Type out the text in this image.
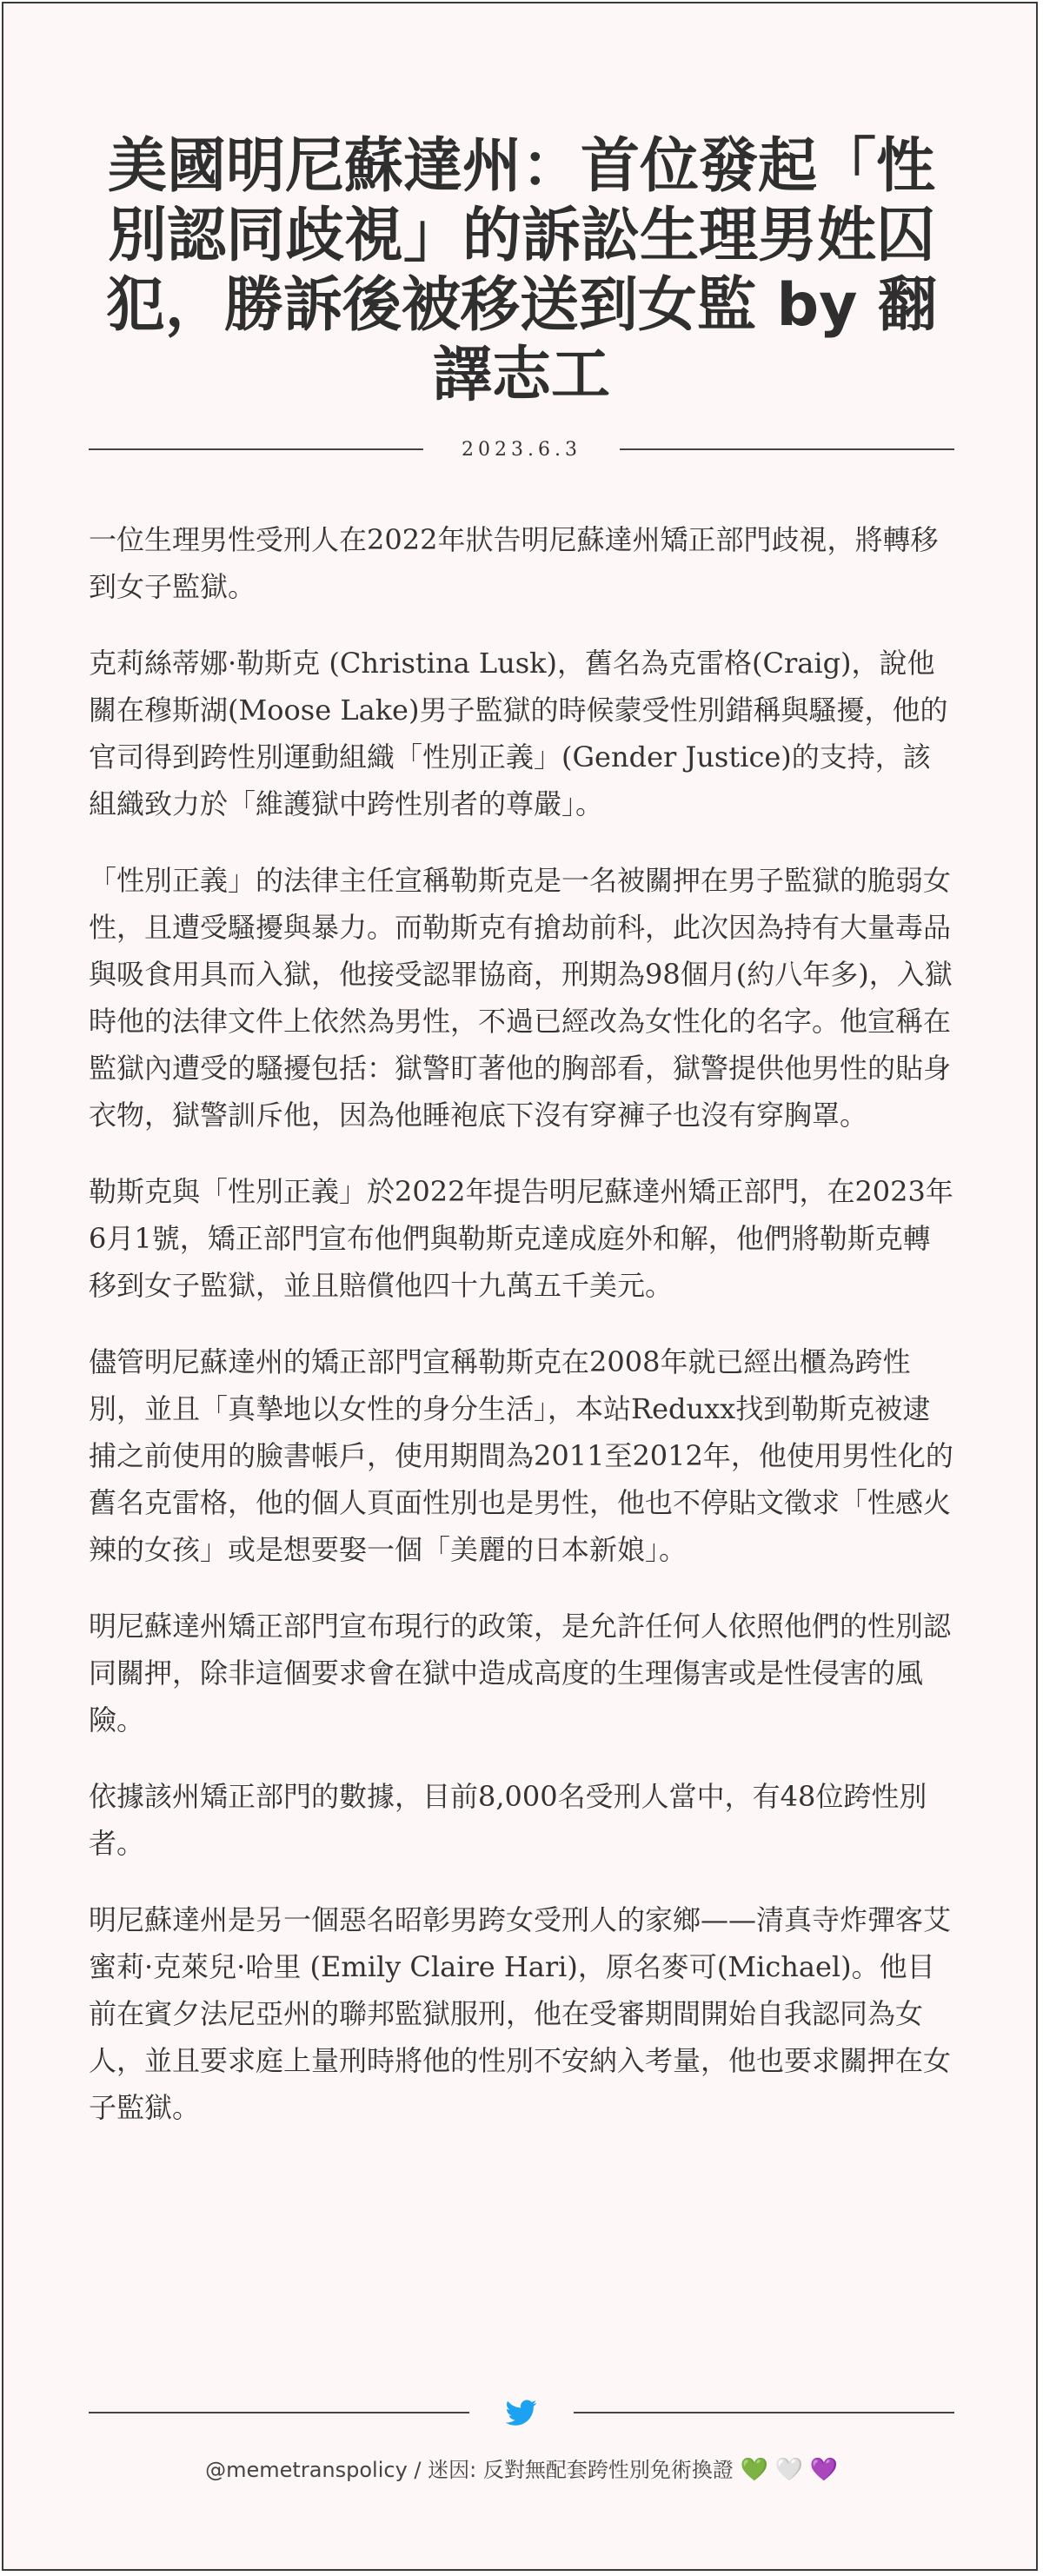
美國明尼蘇達州：首位發起「性別認同歧視」的訴訟生理男姓囚犯，勝訴後被移送到女監 by 翻譯志工
2023.6.3

一位生理男性受刑人在2022年狀告明尼蘇達州矯正部門歧視，將轉移到女子監獄。

克莉絲蒂娜·勒斯克 (Christina Lusk)，舊名為克雷格(Craig)，說他關在穆斯湖(Moose Lake)男子監獄的時候蒙受性別錯稱與騷擾，他的官司得到跨性別運動組織「性別正義」(Gender Justice)的支持，該組織致力於「維護獄中跨性別者的尊嚴」。

「性別正義」的法律主任宣稱勒斯克是一名被關押在男子監獄的脆弱女性，且遭受騷擾與暴力。而勒斯克有搶劫前科，此次因為持有大量毒品與吸食用具而入獄，他接受認罪協商，刑期為98個月(約八年多)，入獄時他的法律文件上依然為男性，不過已經改為女性化的名字。他宣稱在監獄內遭受的騷擾包括：獄警盯著他的胸部看，獄警提供他男性的貼身衣物，獄警訓斥他，因為他睡袍底下沒有穿褲子也沒有穿胸罩。

勒斯克與「性別正義」於2022年提告明尼蘇達州矯正部門，在2023年6月1號，矯正部門宣布他們與勒斯克達成庭外和解，他們將勒斯克轉移到女子監獄，並且賠償他四十九萬五千美元。

儘管明尼蘇達州的矯正部門宣稱勒斯克在2008年就已經出櫃為跨性別，並且「真摯地以女性的身分生活」，本站Reduxx找到勒斯克被逮捕之前使用的臉書帳戶，使用期間為2011至2012年，他使用男性化的舊名克雷格，他的個人頁面性別也是男性，他也不停貼文徵求「性感火辣的女孩」或是想要娶一個「美麗的日本新娘」。

明尼蘇達州矯正部門宣布現行的政策，是允許任何人依照他們的性別認同關押，除非這個要求會在獄中造成高度的生理傷害或是性侵害的風險。

依據該州矯正部門的數據，目前8,000名受刑人當中，有48位跨性別者。

明尼蘇達州是另一個惡名昭彰男跨女受刑人的家鄉——清真寺炸彈客艾蜜莉·克萊兒·哈里 (Emily Claire Hari)，原名麥可(Michael)。他目前在賓夕法尼亞州的聯邦監獄服刑，他在受審期間開始自我認同為女人，並且要求庭上量刑時將他的性別不安納入考量，他也要求關押在女子監獄。

@memetranspolicy / 迷因: 反對無配套跨性別免術換證 💚 🤍 💜
